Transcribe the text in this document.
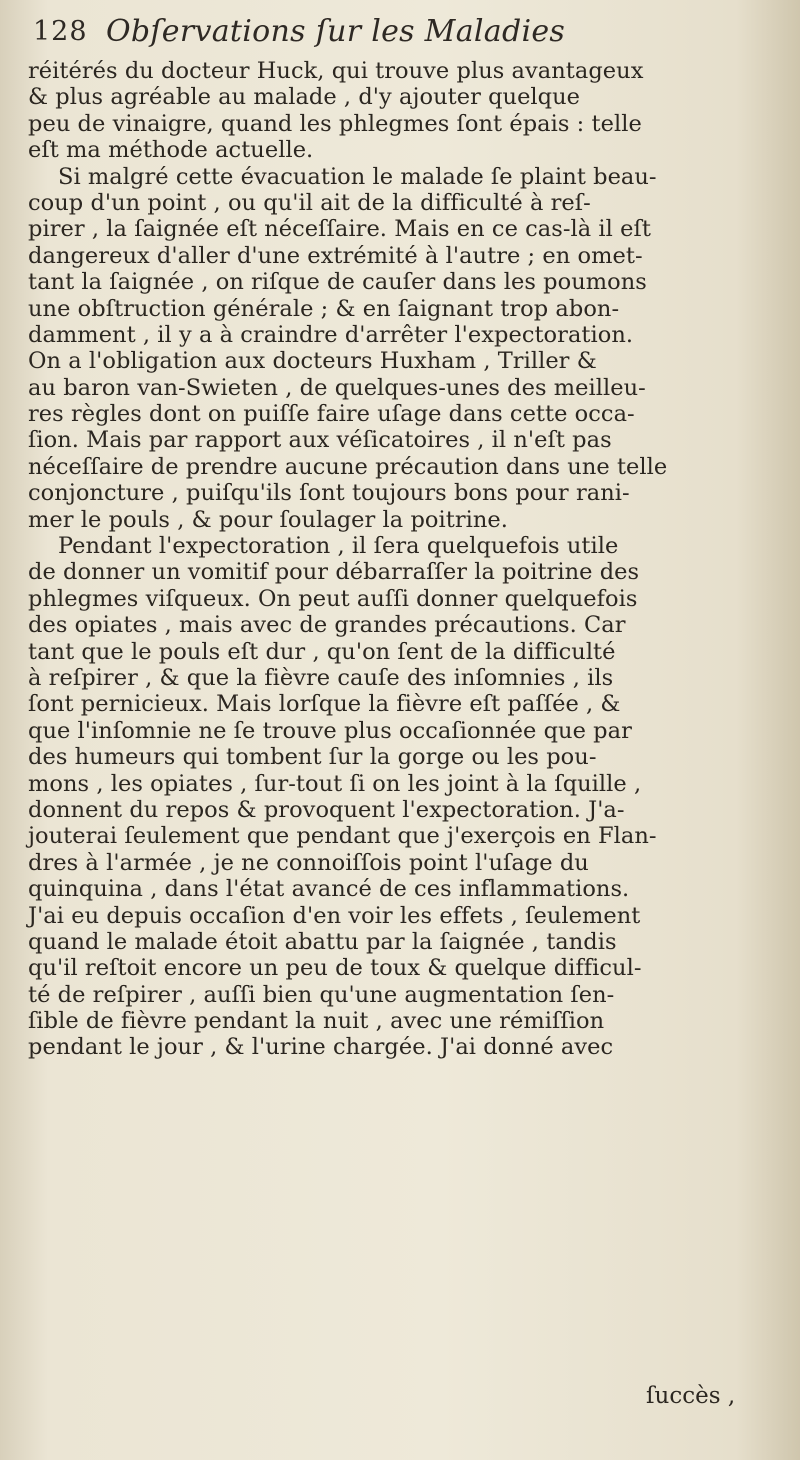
128 Obſervations ſur les Maladies
réitérés du docteur Huck, qui trouve plus avantageux
& plus agréable au malade , d'y ajouter quelque
peu de vinaigre, quand les phlegmes ſont épais : telle
eſt ma méthode actuelle.
Si malgré cette évacuation le malade ſe plaint beau-
coup d'un point , ou qu'il ait de la difficulté à reſ-
pirer , la ſaignée eſt néceſſaire. Mais en ce cas-là il eſt
dangereux d'aller d'une extrémité à l'autre ; en omet-
tant la ſaignée , on riſque de cauſer dans les poumons
une obſtruction générale ; & en ſaignant trop abon-
damment , il y a à craindre d'arrêter l'expectoration.
On a l'obligation aux docteurs Huxham , Triller &
au baron van-Swieten , de quelques-unes des meilleu-
res règles dont on puiſſe faire uſage dans cette occa-
ſion. Mais par rapport aux véſicatoires , il n'eſt pas
néceſſaire de prendre aucune précaution dans une telle
conjoncture , puiſqu'ils ſont toujours bons pour rani-
mer le pouls , & pour ſoulager la poitrine.
Pendant l'expectoration , il ſera quelquefois utile
de donner un vomitif pour débarraſſer la poitrine des
phlegmes viſqueux. On peut auſſi donner quelquefois
des opiates , mais avec de grandes précautions. Car
tant que le pouls eſt dur , qu'on ſent de la difficulté
à reſpirer , & que la fièvre cauſe des inſomnies , ils
ſont pernicieux. Mais lorſque la fièvre eſt paſſée , &
que l'inſomnie ne ſe trouve plus occaſionnée que par
des humeurs qui tombent ſur la gorge ou les pou-
mons , les opiates , ſur-tout ſi on les joint à la ſquille ,
donnent du repos & provoquent l'expectoration. J'a-
jouterai ſeulement que pendant que j'exerçois en Flan-
dres à l'armée , je ne connoiſſois point l'uſage du
quinquina , dans l'état avancé de ces inflammations.
J'ai eu depuis occaſion d'en voir les effets , ſeulement
quand le malade étoit abattu par la ſaignée , tandis
qu'il reſtoit encore un peu de toux & quelque difficul-
té de reſpirer , auſſi bien qu'une augmentation ſen-
ſible de fièvre pendant la nuit , avec une rémiſſion
pendant le jour , & l'urine chargée. J'ai donné avec
ſuccès ,
